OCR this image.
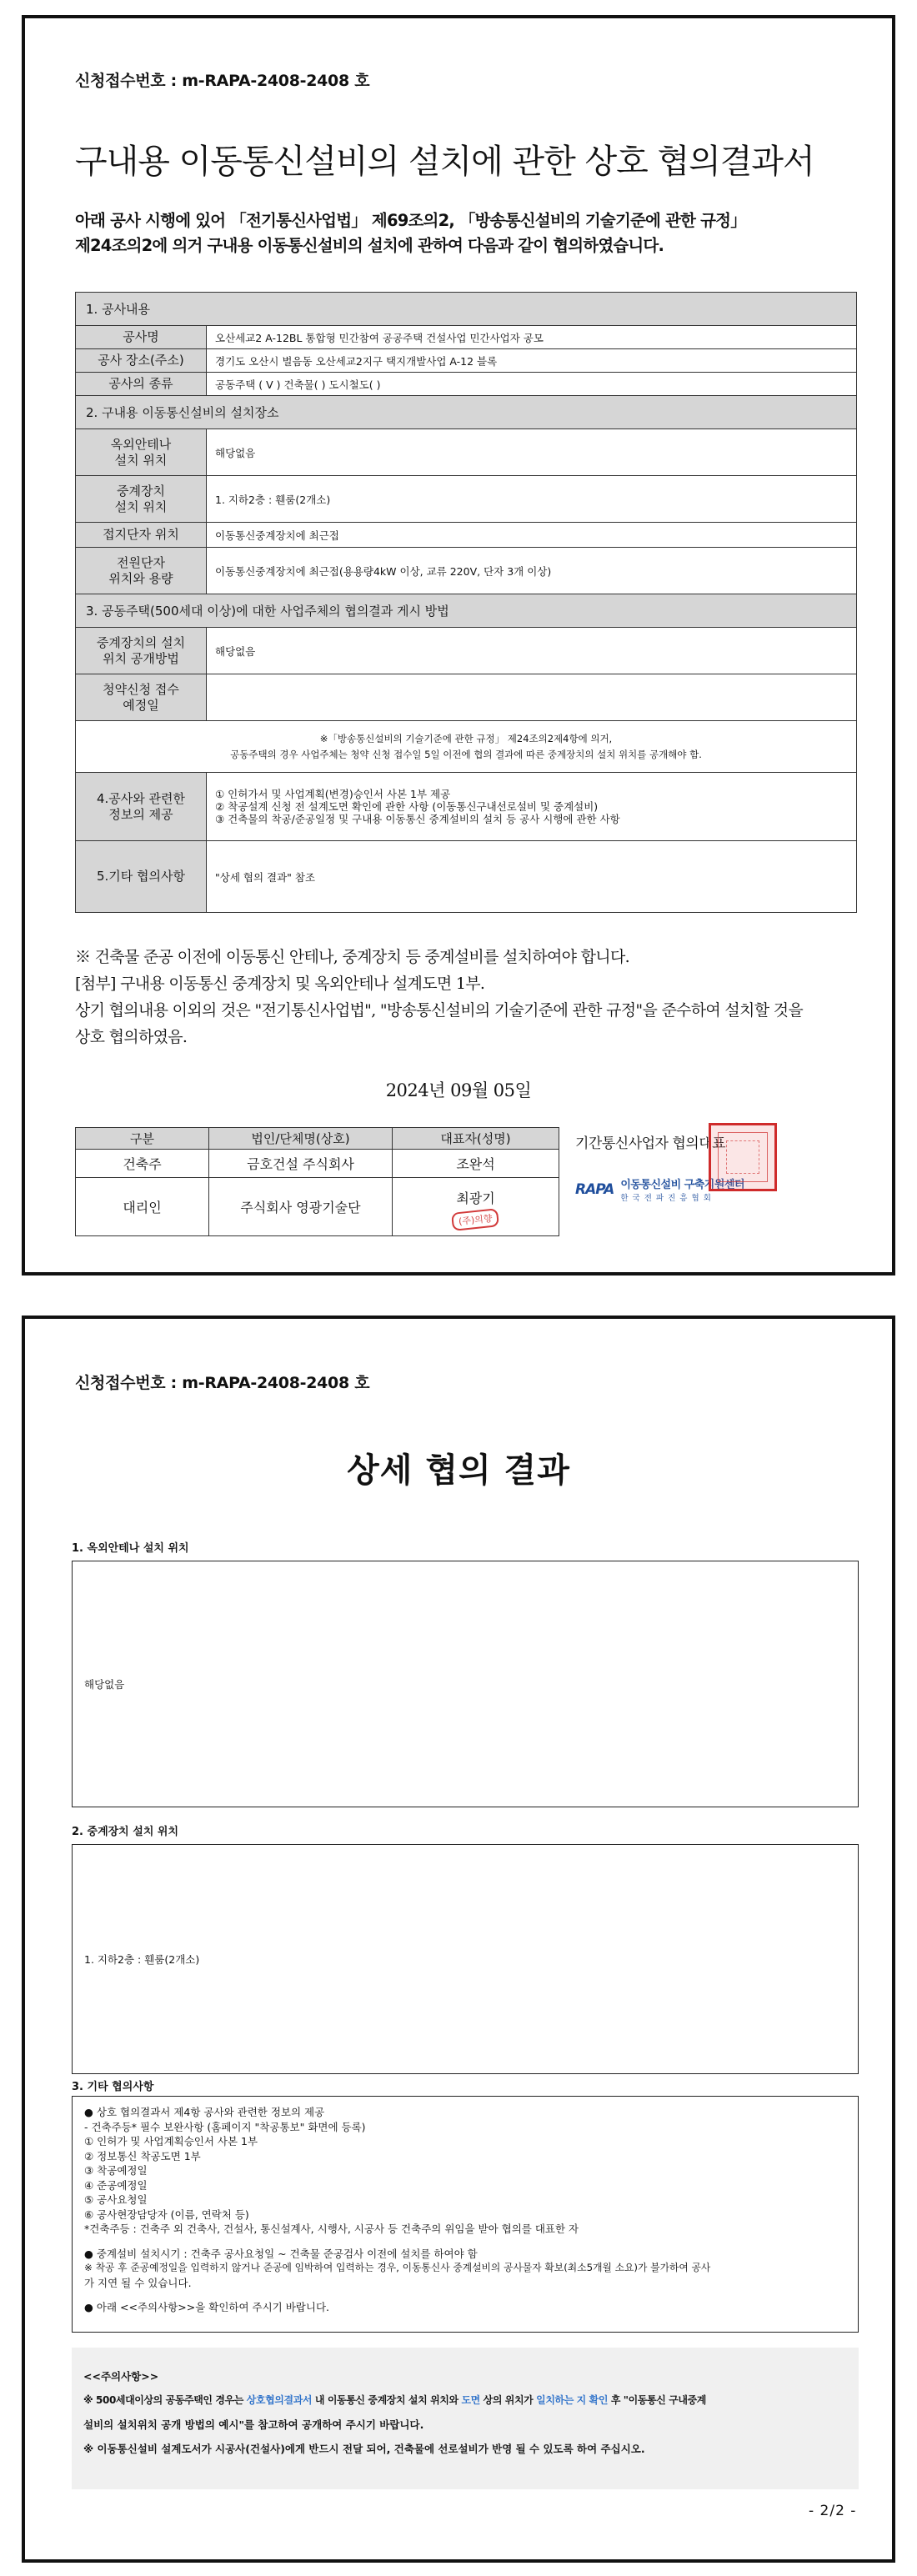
신청접수번호 : m-RAPA-2408-2408 호
구내용 이동통신설비의 설치에 관한 상호 협의결과서
아래 공사 시행에 있어 「전기통신사업법」 제69조의2, 「방송통신설비의 기술기준에 관한 규정」
제24조의2에 의거 구내용 이동통신설비의 설치에 관하여 다음과 같이 협의하였습니다.
1. 공사내용	
공사명	오산세교2 A-12BL 통합형 민간참여 공공주택 건설사업 민간사업자 공모
공사 장소(주소)	경기도 오산시 벌음동 오산세교2지구 택지개발사업 A-12 블록
공사의 종류	공동주택 ( V ) 건축물( ) 도시철도( )
2. 구내용 이동통신설비의 설치장소	
옥외안테나
설치 위치	해당없음
중계장치
설치 위치	1. 지하2층 : 휀룸(2개소)
접지단자 위치	이동통신중계장치에 최근접
전원단자
위치와 용량	이동통신중계장치에 최근접(용용량4kW 이상, 교류 220V, 단자 3개 이상)
3. 공동주택(500세대 이상)에 대한 사업주체의 협의결과 게시 방법	
중계장치의 설치
위치 공개방법	해당없음
청약신청 접수
예정일	

※「방송통신설비의 기술기준에 관한 규정」 제24조의2제4항에 의거,
공동주택의 경우 사업주체는 청약 신청 접수일 5일 이전에 협의 결과에 따른 중계장치의 설치 위치를 공개해야 함.	

4.공사와 관련한
정보의 제공	① 인허가서 및 사업계획(변경)승인서 사본 1부 제공
② 착공설계 신청 전 설계도면 확인에 관한 사항 (이동통신구내선로설비 및 중계설비)
③ 건축물의 착공/준공일정 및 구내용 이동통신 중계설비의 설치 등 공사 시행에 관한 사항

5.기타 협의사항	"상세 협의 결과" 참조
※ 건축물 준공 이전에 이동통신 안테나, 중계장치 등 중계설비를 설치하여야 합니다.
[첨부] 구내용 이동통신 중계장치 및 옥외안테나 설계도면 1부.
상기 협의내용 이외의 것은 "전기통신사업법", "방송통신설비의 기술기준에 관한 규정"을 준수하여 설치할 것을
상호 협의하였음.
2024년 09월 05일
구분	법인/단체명(상호)	대표자(성명)
건축주	금호건설 주식회사	조완석
대리인	주식회사 영광기술단	최광기
(주)의향
기간통신사업자 협의대표
RAPA 이동통신설비 구축지원센터
한 국 전 파 진 흥 협 회
신청접수번호 : m-RAPA-2408-2408 호
상세 협의 결과
1. 옥외안테나 설치 위치
해당없음
2. 중계장치 설치 위치
1. 지하2층 : 휀룸(2개소)
3. 기타 협의사항
● 상호 협의결과서 제4항 공사와 관련한 정보의 제공
- 건축주등* 필수 보완사항 (홈페이지 "착공통보" 화면에 등록)
① 인허가 및 사업계획승인서 사본 1부
② 정보통신 착공도면 1부
③ 착공예정일
④ 준공예정일
⑤ 공사요청일
⑥ 공사현장담당자 (이름, 연락처 등)
*건축주등 : 건축주 외 건축사, 건설사, 통신설계사, 시행사, 시공사 등 건축주의 위임을 받아 협의를 대표한 자
● 중계설비 설치시기 : 건축주 공사요청일 ~ 건축물 준공검사 이전에 설치를 하여야 함
※ 착공 후 준공예정일을 입력하지 않거나 준공에 임박하여 입력하는 경우, 이동통신사 중계설비의 공사물자 확보(최소5개월 소요)가 불가하여 공사
가 지연 될 수 있습니다.
● 아래 <<주의사항>>을 확인하여 주시기 바랍니다.
<<주의사항>>
※ 500세대이상의 공동주택인 경우는 상호협의결과서 내 이동통신 중계장치 설치 위치와 도면 상의 위치가 일치하는 지 확인 후 "이동통신 구내중계
설비의 설치위치 공개 방법의 예시"를 참고하여 공개하여 주시기 바랍니다.
※ 이동통신설비 설계도서가 시공사(건설사)에게 반드시 전달 되어, 건축물에 선로설비가 반영 될 수 있도록 하여 주십시오.
- 2/2 -
